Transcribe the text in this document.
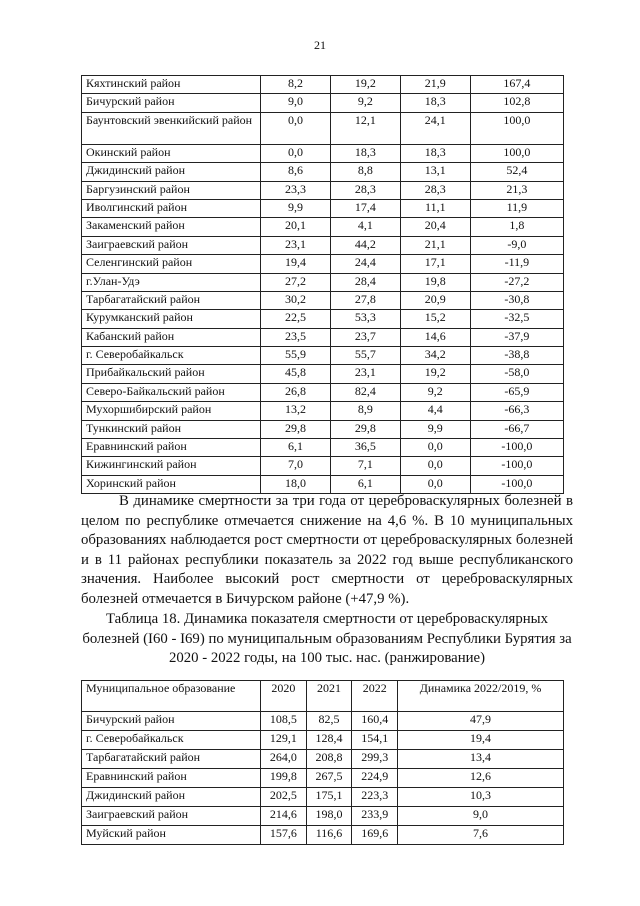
21
Кяхтинский район	8,2	19,2	21,9	167,4
Бичурский район	9,0	9,2	18,3	102,8
Баунтовский эвенкийский район	0,0	12,1	24,1	100,0
Окинский район	0,0	18,3	18,3	100,0
Джидинский район	8,6	8,8	13,1	52,4
Баргузинский район	23,3	28,3	28,3	21,3
Иволгинский район	9,9	17,4	11,1	11,9
Закаменский район	20,1	4,1	20,4	1,8
Заиграевский район	23,1	44,2	21,1	-9,0
Селенгинский район	19,4	24,4	17,1	-11,9
г.Улан-Удэ	27,2	28,4	19,8	-27,2
Тарбагатайский район	30,2	27,8	20,9	-30,8
Курумканский район	22,5	53,3	15,2	-32,5
Кабанский район	23,5	23,7	14,6	-37,9
г. Северобайкальск	55,9	55,7	34,2	-38,8
Прибайкальский район	45,8	23,1	19,2	-58,0
Северо-Байкальский район	26,8	82,4	9,2	-65,9
Мухоршибирский район	13,2	8,9	4,4	-66,3
Тункинский район	29,8	29,8	9,9	-66,7
Еравнинский район	6,1	36,5	0,0	-100,0
Кижингинский район	7,0	7,1	0,0	-100,0
Хоринский район	18,0	6,1	0,0	-100,0

В динамике смертности за три года от цереброваскулярных болезней в целом по республике отмечается снижение на 4,6 %. В 10 муниципальных образованиях наблюдается рост смертности от цереброваскулярных болезней и в 11 районах республики показатель за 2022 год выше республиканского значения. Наиболее высокий рост смертности от цереброваскулярных болезней отмечается в Бичурском районе (+47,9 %).

Таблица 18. Динамика показателя смертности от цереброваскулярных болезней (I60 - I69) по муниципальным образованиям Республики Бурятия за 2020 - 2022 годы, на 100 тыс. нас. (ранжирование)
Муниципальное образование	2020	2021	2022	Динамика 2022/2019, %
Бичурский район	108,5	82,5	160,4	47,9
г. Северобайкальск	129,1	128,4	154,1	19,4
Тарбагатайский район	264,0	208,8	299,3	13,4
Еравнинский район	199,8	267,5	224,9	12,6
Джидинский район	202,5	175,1	223,3	10,3
Заиграевский район	214,6	198,0	233,9	9,0
Муйский район	157,6	116,6	169,6	7,6
